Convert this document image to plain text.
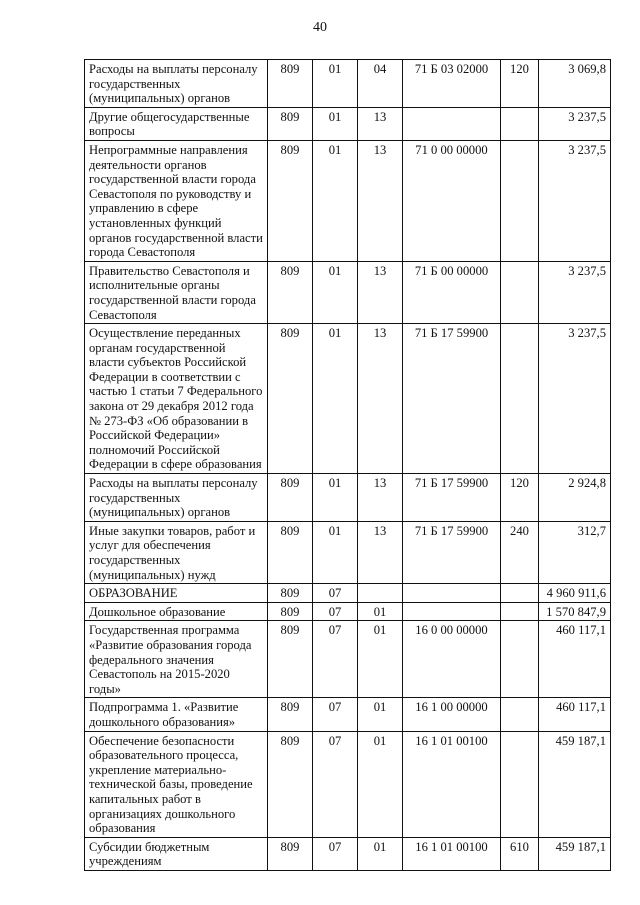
40
Расходы на выплаты персоналу государственных (муниципальных) органов	809	01	04	71 Б 03 02000	120	3 069,8
Другие общегосударственные вопросы	809	01	13			3 237,5
Непрограммные направления деятельности органов государственной власти города Севастополя по руководству и управлению в сфере установленных функций органов государственной власти города Севастополя	809	01	13	71 0 00 00000		3 237,5
Правительство Севастополя и исполнительные органы государственной власти города Севастополя	809	01	13	71 Б 00 00000		3 237,5
Осуществление переданных органам государственной власти субъектов Российской Федерации в соответствии с частью 1 статьи 7 Федерального закона от 29 декабря 2012 года № 273-ФЗ «Об образовании в Российской Федерации» полномочий Российской Федерации в сфере образования	809	01	13	71 Б 17 59900		3 237,5
Расходы на выплаты персоналу государственных (муниципальных) органов	809	01	13	71 Б 17 59900	120	2 924,8
Иные закупки товаров, работ и услуг для обеспечения государственных (муниципальных) нужд	809	01	13	71 Б 17 59900	240	312,7
ОБРАЗОВАНИЕ	809	07				4 960 911,6
Дошкольное образование	809	07	01			1 570 847,9
Государственная программа «Развитие образования города федерального значения Севастополь на 2015-2020 годы»	809	07	01	16 0 00 00000		460 117,1
Подпрограмма 1. «Развитие дошкольного образования»	809	07	01	16 1 00 00000		460 117,1
Обеспечение безопасности образовательного процесса, укрепление материально-технической базы, проведение капитальных работ в организациях дошкольного образования	809	07	01	16 1 01 00100		459 187,1
Субсидии бюджетным учреждениям	809	07	01	16 1 01 00100	610	459 187,1
